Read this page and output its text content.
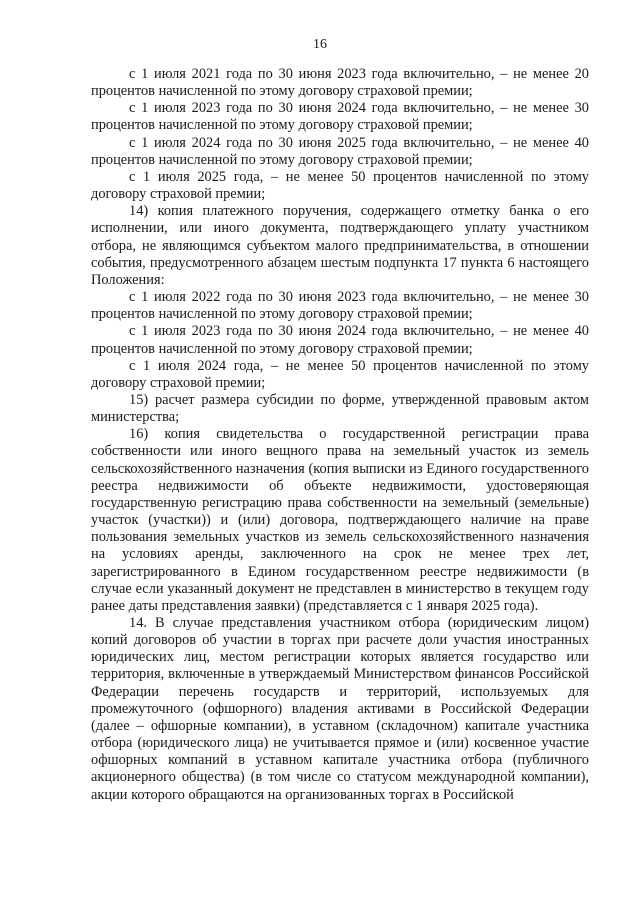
16

с 1 июля 2021 года по 30 июня 2023 года включительно, – не менее 20 процентов начисленной по этому договору страховой премии;

с 1 июля 2023 года по 30 июня 2024 года включительно, – не менее 30 процентов начисленной по этому договору страховой премии;

с 1 июля 2024 года по 30 июня 2025 года включительно, – не менее 40 процентов начисленной по этому договору страховой премии;

с 1 июля 2025 года, – не менее 50 процентов начисленной по этому договору страховой премии;

14) копия платежного поручения, содержащего отметку банка о его исполнении, или иного документа, подтверждающего уплату участником отбора, не являющимся субъектом малого предпринимательства, в отношении события, предусмотренного абзацем шестым подпункта 17 пункта 6 настоящего Положения:

с 1 июля 2022 года по 30 июня 2023 года включительно, – не менее 30 процентов начисленной по этому договору страховой премии;

с 1 июля 2023 года по 30 июня 2024 года включительно, – не менее 40 процентов начисленной по этому договору страховой премии;

с 1 июля 2024 года, – не менее 50 процентов начисленной по этому договору страховой премии;

15) расчет размера субсидии по форме, утвержденной правовым актом министерства;

16) копия свидетельства о государственной регистрации права собственности или иного вещного права на земельный участок из земель сельскохозяйственного назначения (копия выписки из Единого государственного реестра недвижимости об объекте недвижимости, удостоверяющая государственную регистрацию права собственности на земельный (земельные) участок (участки)) и (или) договора, подтверждающего наличие на праве пользования земельных участков из земель сельскохозяйственного назначения на условиях аренды, заключенного на срок не менее трех лет, зарегистрированного в Едином государственном реестре недвижимости (в случае если указанный документ не представлен в министерство в текущем году ранее даты представления заявки) (представляется с 1 января 2025 года).

14. В случае представления участником отбора (юридическим лицом) копий договоров об участии в торгах при расчете доли участия иностранных юридических лиц, местом регистрации которых является государство или территория, включенные в утверждаемый Министерством финансов Российской Федерации перечень государств и территорий, используемых для промежуточного (офшорного) владения активами в Российской Федерации (далее – офшорные компании), в уставном (складочном) капитале участника отбора (юридического лица) не учитывается прямое и (или) косвенное участие офшорных компаний в уставном капитале участника отбора (публичного акционерного общества) (в том числе со статусом международной компании), акции которого обращаются на организованных торгах в Российской
